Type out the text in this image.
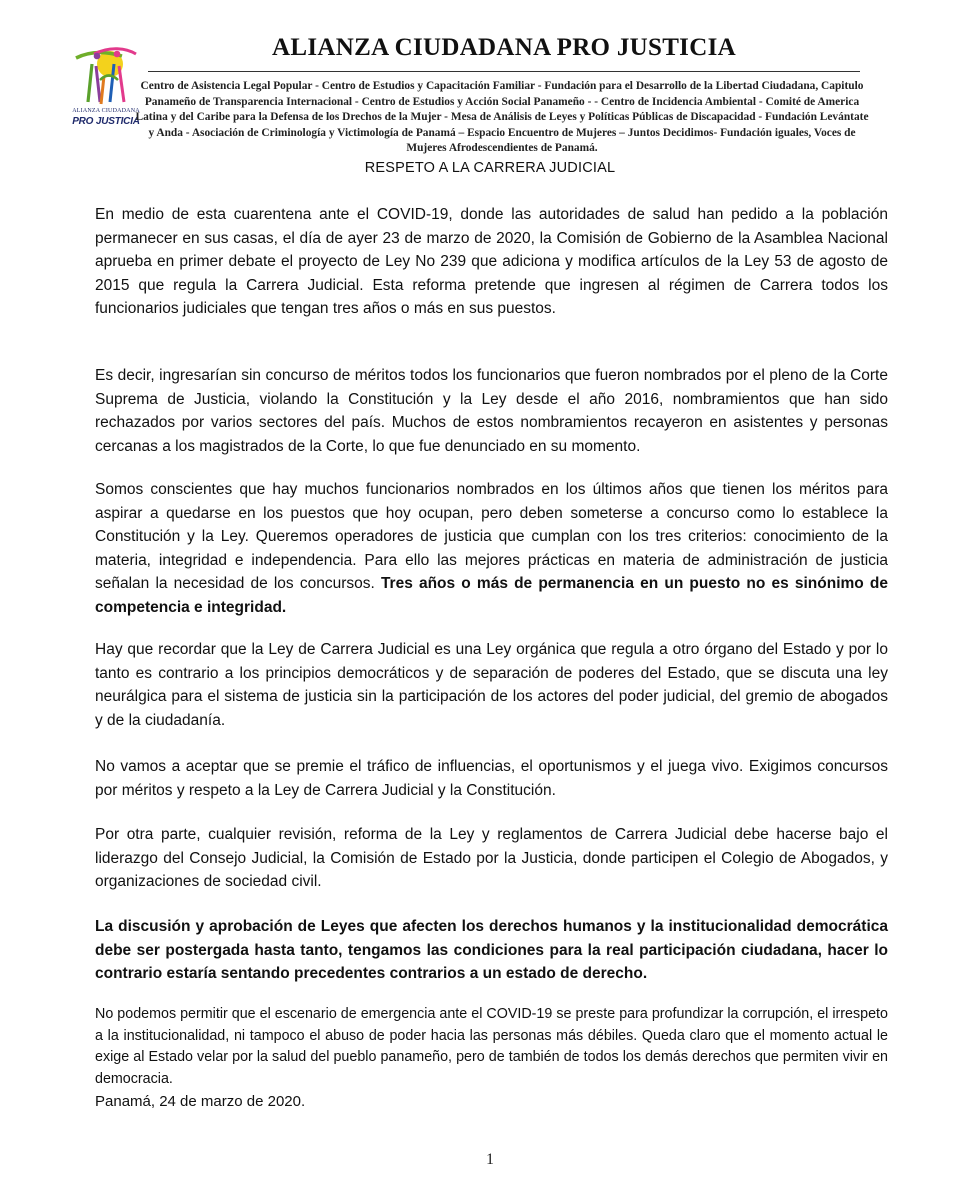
ALIANZA CIUDADANA
PRO JUSTICIA
ALIANZA CIUDADANA PRO JUSTICIA
Centro de Asistencia Legal Popular - Centro de Estudios y Capacitación Familiar - Fundación para el Desarrollo de la Libertad Ciudadana, Capitulo Panameño de Transparencia Internacional - Centro de Estudios y Acción Social Panameño - - Centro de Incidencia Ambiental - Comité de America Latina y del Caribe para la Defensa de los Drechos de la Mujer - Mesa de Análisis de Leyes y Políticas Públicas de Discapacidad - Fundación Levántate y Anda - Asociación de Criminología y Victimología de Panamá – Espacio Encuentro de Mujeres – Juntos Decidimos- Fundación iguales, Voces de Mujeres Afrodescendientes de Panamá.
RESPETO A LA CARRERA JUDICIAL
En medio de esta cuarentena ante el COVID-19, donde las autoridades de salud han pedido a la población permanecer en sus casas, el día de ayer 23 de marzo de 2020, la Comisión de Gobierno de la Asamblea Nacional aprueba en primer debate el proyecto de Ley No 239 que adiciona y modifica artículos de la Ley 53 de agosto de 2015 que regula la Carrera Judicial. Esta reforma pretende que ingresen al régimen de Carrera todos los funcionarios judiciales que tengan tres años o más en sus puestos.
Es decir, ingresarían sin concurso de méritos todos los funcionarios que fueron nombrados por el pleno de la Corte Suprema de Justicia, violando la Constitución y la Ley desde el año 2016, nombramientos que han sido rechazados por varios sectores del país. Muchos de estos nombramientos recayeron en asistentes y personas cercanas a los magistrados de la Corte, lo que fue denunciado en su momento.
Somos conscientes que hay muchos funcionarios nombrados en los últimos años que tienen los méritos para aspirar a quedarse en los puestos que hoy ocupan, pero deben someterse a concurso como lo establece la Constitución y la Ley. Queremos operadores de justicia que cumplan con los tres criterios: conocimiento de la materia, integridad e independencia. Para ello las mejores prácticas en materia de administración de justicia señalan la necesidad de los concursos. Tres años o más de permanencia en un puesto no es sinónimo de competencia e integridad.
Hay que recordar que la Ley de Carrera Judicial es una Ley orgánica que regula a otro órgano del Estado y por lo tanto es contrario a los principios democráticos y de separación de poderes del Estado, que se discuta una ley neurálgica para el sistema de justicia sin la participación de los actores del poder judicial, del gremio de abogados y de la ciudadanía.
No vamos a aceptar que se premie el tráfico de influencias, el oportunismos y el juega vivo. Exigimos concursos por méritos y respeto a la Ley de Carrera Judicial y la Constitución.
Por otra parte, cualquier revisión, reforma de la Ley y reglamentos de Carrera Judicial debe hacerse bajo el liderazgo del Consejo Judicial, la Comisión de Estado por la Justicia, donde participen el Colegio de Abogados, y organizaciones de sociedad civil.
La discusión y aprobación de Leyes que afecten los derechos humanos y la institucionalidad democrática debe ser postergada hasta tanto, tengamos las condiciones para la real participación ciudadana, hacer lo contrario estaría sentando precedentes contrarios a un estado de derecho.
No podemos permitir que el escenario de emergencia ante el COVID-19 se preste para profundizar la corrupción, el irrespeto a la institucionalidad, ni tampoco el abuso de poder hacia las personas más débiles. Queda claro que el momento actual le exige al Estado velar por la salud del pueblo panameño, pero de también de todos los demás derechos que permiten vivir en democracia.
Panamá, 24 de marzo de 2020.
1
